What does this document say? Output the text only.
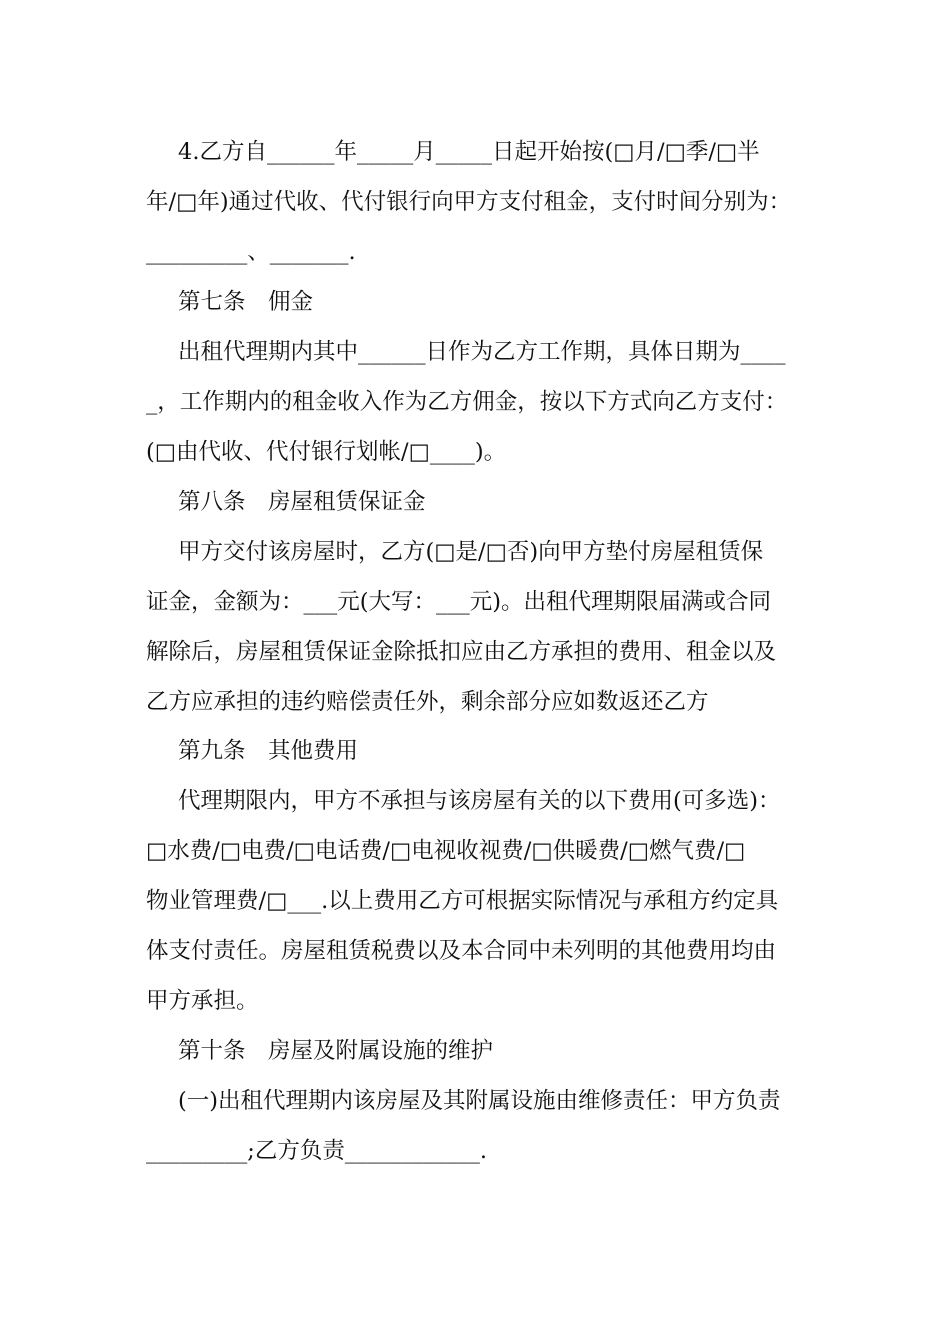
4.乙方自______年_____月_____日起开始按(□月/□季/□半
年/□年)通过代收、代付银行向甲方支付租金，支付时间分别为：
_________、_______.
第七条　佣金
出租代理期内其中______日作为乙方工作期，具体日期为____
_，工作期内的租金收入作为乙方佣金，按以下方式向乙方支付：
(□由代收、代付银行划帐/□____)。
第八条　房屋租赁保证金
甲方交付该房屋时，乙方(□是/□否)向甲方垫付房屋租赁保
证金，金额为：___元(大写：___元)。出租代理期限届满或合同
解除后，房屋租赁保证金除抵扣应由乙方承担的费用、租金以及
乙方应承担的违约赔偿责任外，剩余部分应如数返还乙方
第九条　其他费用
代理期限内，甲方不承担与该房屋有关的以下费用(可多选)：
□水费/□电费/□电话费/□电视收视费/□供暖费/□燃气费/□
物业管理费/□___.以上费用乙方可根据实际情况与承租方约定具
体支付责任。房屋租赁税费以及本合同中未列明的其他费用均由
甲方承担。
第十条　房屋及附属设施的维护
(一)出租代理期内该房屋及其附属设施由维修责任：甲方负责
_________;乙方负责____________.
